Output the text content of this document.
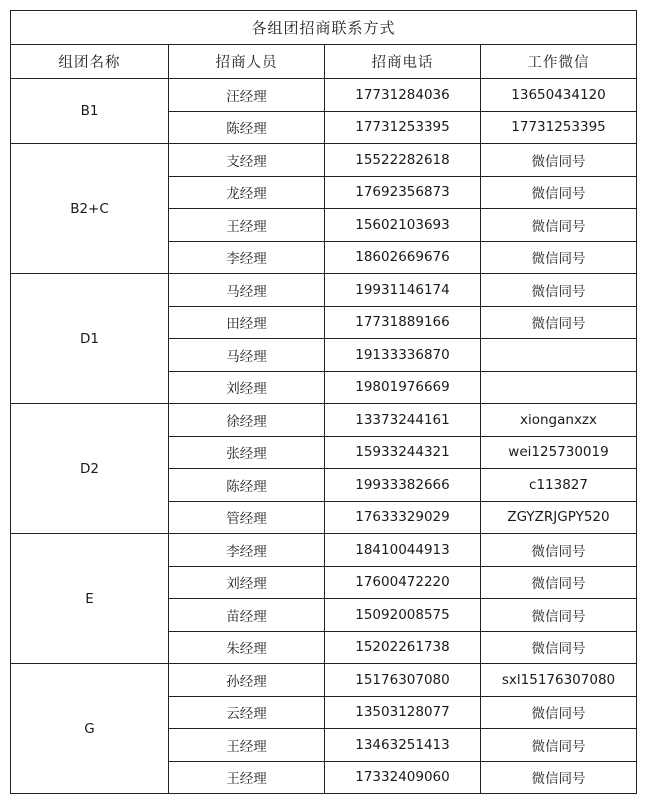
各组团招商联系方式			
组团名称	招商人员	招商电话	工作微信
B1	汪经理	17731284036	13650434120
	陈经理	17731253395	17731253395
B2+C	支经理	15522282618	微信同号
	龙经理	17692356873	微信同号
	王经理	15602103693	微信同号
	李经理	18602669676	微信同号
D1	马经理	19931146174	微信同号
	田经理	17731889166	微信同号
	马经理	19133336870	
	刘经理	19801976669	
D2	徐经理	13373244161	xionganxzx
	张经理	15933244321	wei125730019
	陈经理	19933382666	c113827
	管经理	17633329029	ZGYZRJGPY520
E	李经理	18410044913	微信同号
	刘经理	17600472220	微信同号
	苗经理	15092008575	微信同号
	朱经理	15202261738	微信同号
G	孙经理	15176307080	sxl15176307080
	云经理	13503128077	微信同号
	王经理	13463251413	微信同号
	王经理	17332409060	微信同号
